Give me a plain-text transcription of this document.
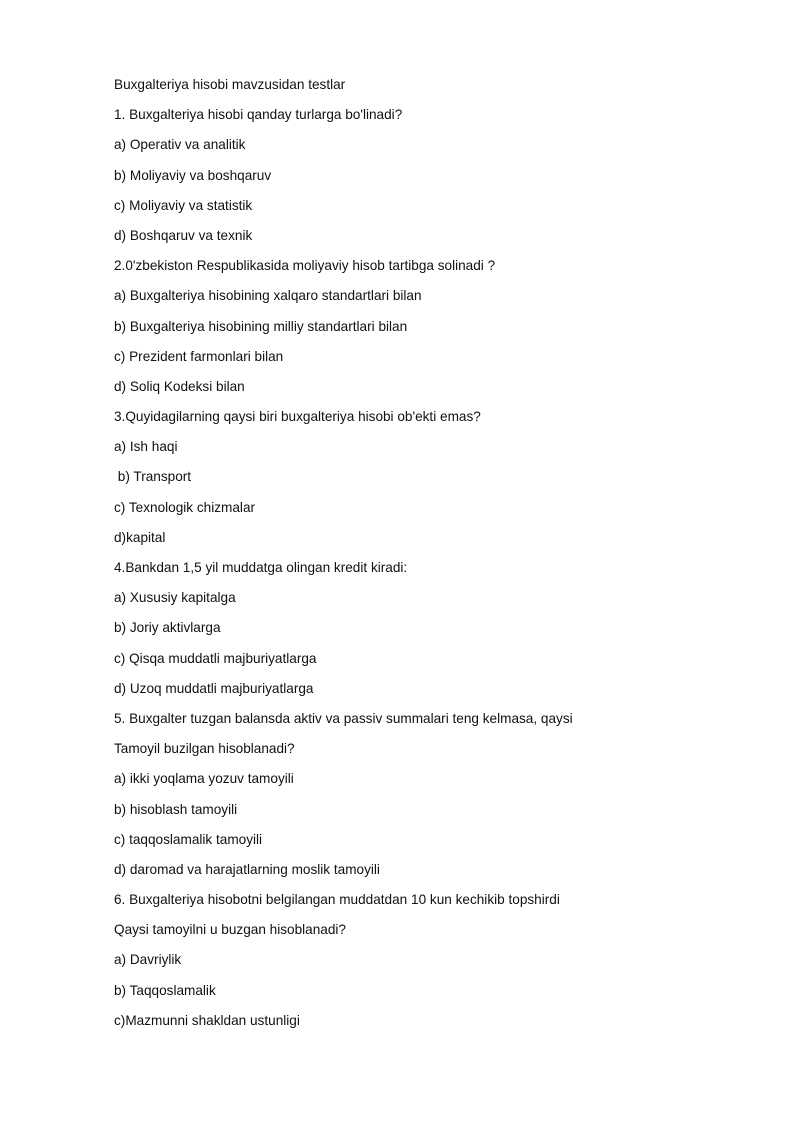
Buxgalteriya hisobi mavzusidan testlar
1. Buxgalteriya hisobi qanday turlarga bo'linadi?
a) Operativ va analitik
b) Moliyaviy va boshqaruv
c) Moliyaviy va statistik
d) Boshqaruv va texnik
2.0'zbekiston Respublikasida moliyaviy hisob tartibga solinadi ?
a) Buxgalteriya hisobining xalqaro standartlari bilan
b) Buxgalteriya hisobining milliy standartlari bilan
c) Prezident farmonlari bilan
d) Soliq Kodeksi bilan
3.Quyidagilarning qaysi biri buxgalteriya hisobi ob'ekti emas?
a) Ish haqi
b) Transport
c) Texnologik chizmalar
d)kapital
4.Bankdan 1,5 yil muddatga olingan kredit kiradi:
a) Xususiy kapitalga
b) Joriy aktivlarga
c) Qisqa muddatli majburiyatlarga
d) Uzoq muddatli majburiyatlarga
5. Buxgalter tuzgan balansda aktiv va passiv summalari teng kelmasa, qaysi
Tamoyil buzilgan hisoblanadi?
a) ikki yoqlama yozuv tamoyili
b) hisoblash tamoyili
c) taqqoslamalik tamoyili
d) daromad va harajatlarning moslik tamoyili
6. Buxgalteriya hisobotni belgilangan muddatdan 10 kun kechikib topshirdi
Qaysi tamoyilni u buzgan hisoblanadi?
a) Davriylik
b) Taqqoslamalik
c)Mazmunni shakldan ustunligi
